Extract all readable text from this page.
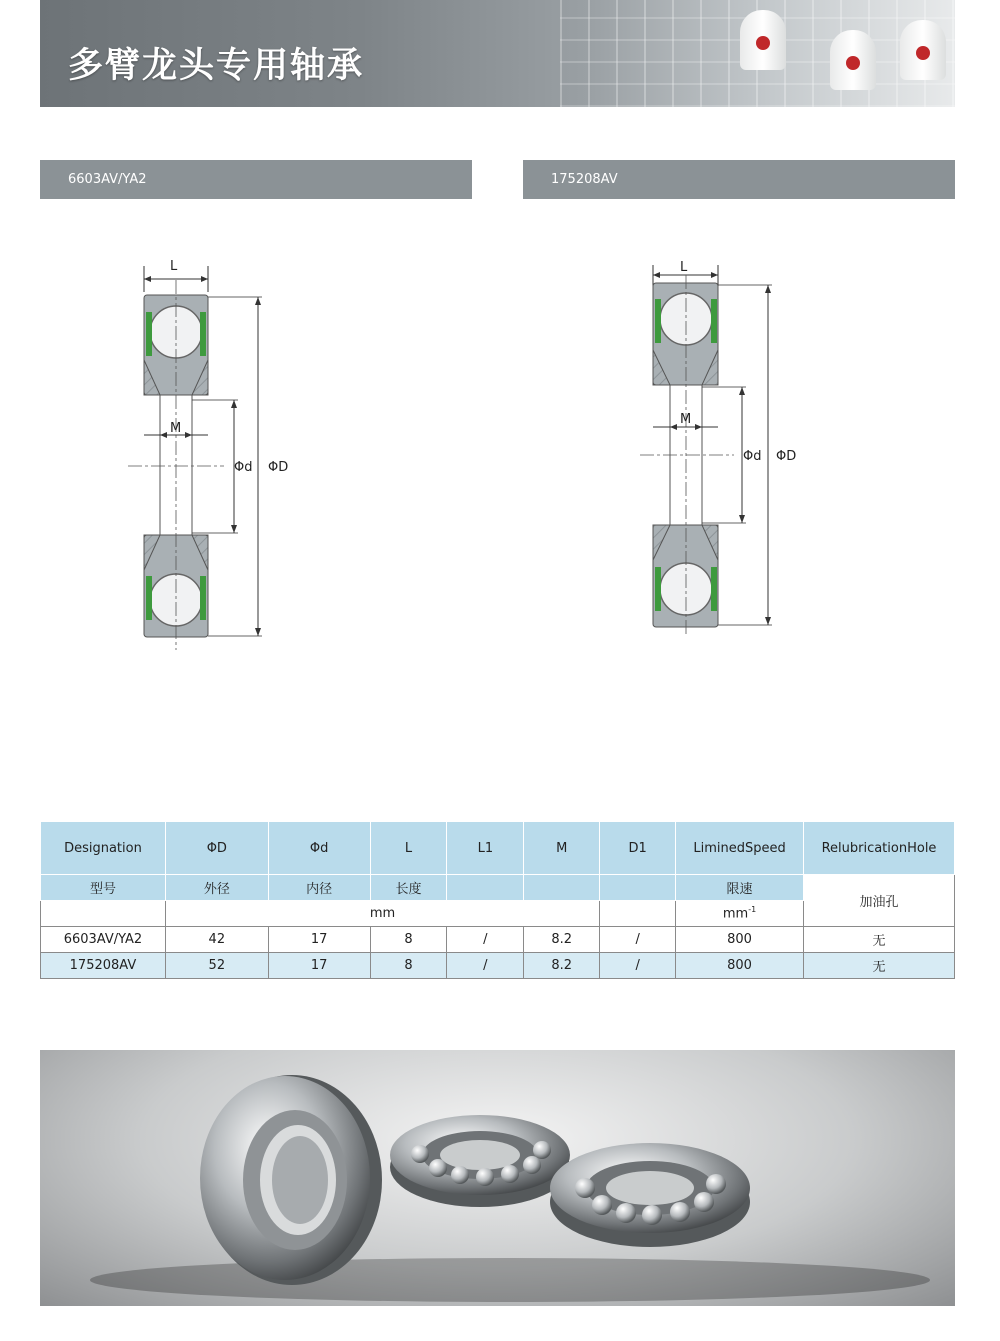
多臂龙头专用轴承
6603AV/YA2	175208AV
L
M
Φd ΦD
L
M
Φd ΦD
Designation	ΦD	Φd	L	L1	M	D1	LiminedSpeed	RelubricationHole
型号	外径	内径	长度				限速	加油孔
	mm						$mm^{-1}$
6603AV/YA2	42	17	8	/	8.2	/	800	无
175208AV	52	17	8	/	8.2	/	800	无
